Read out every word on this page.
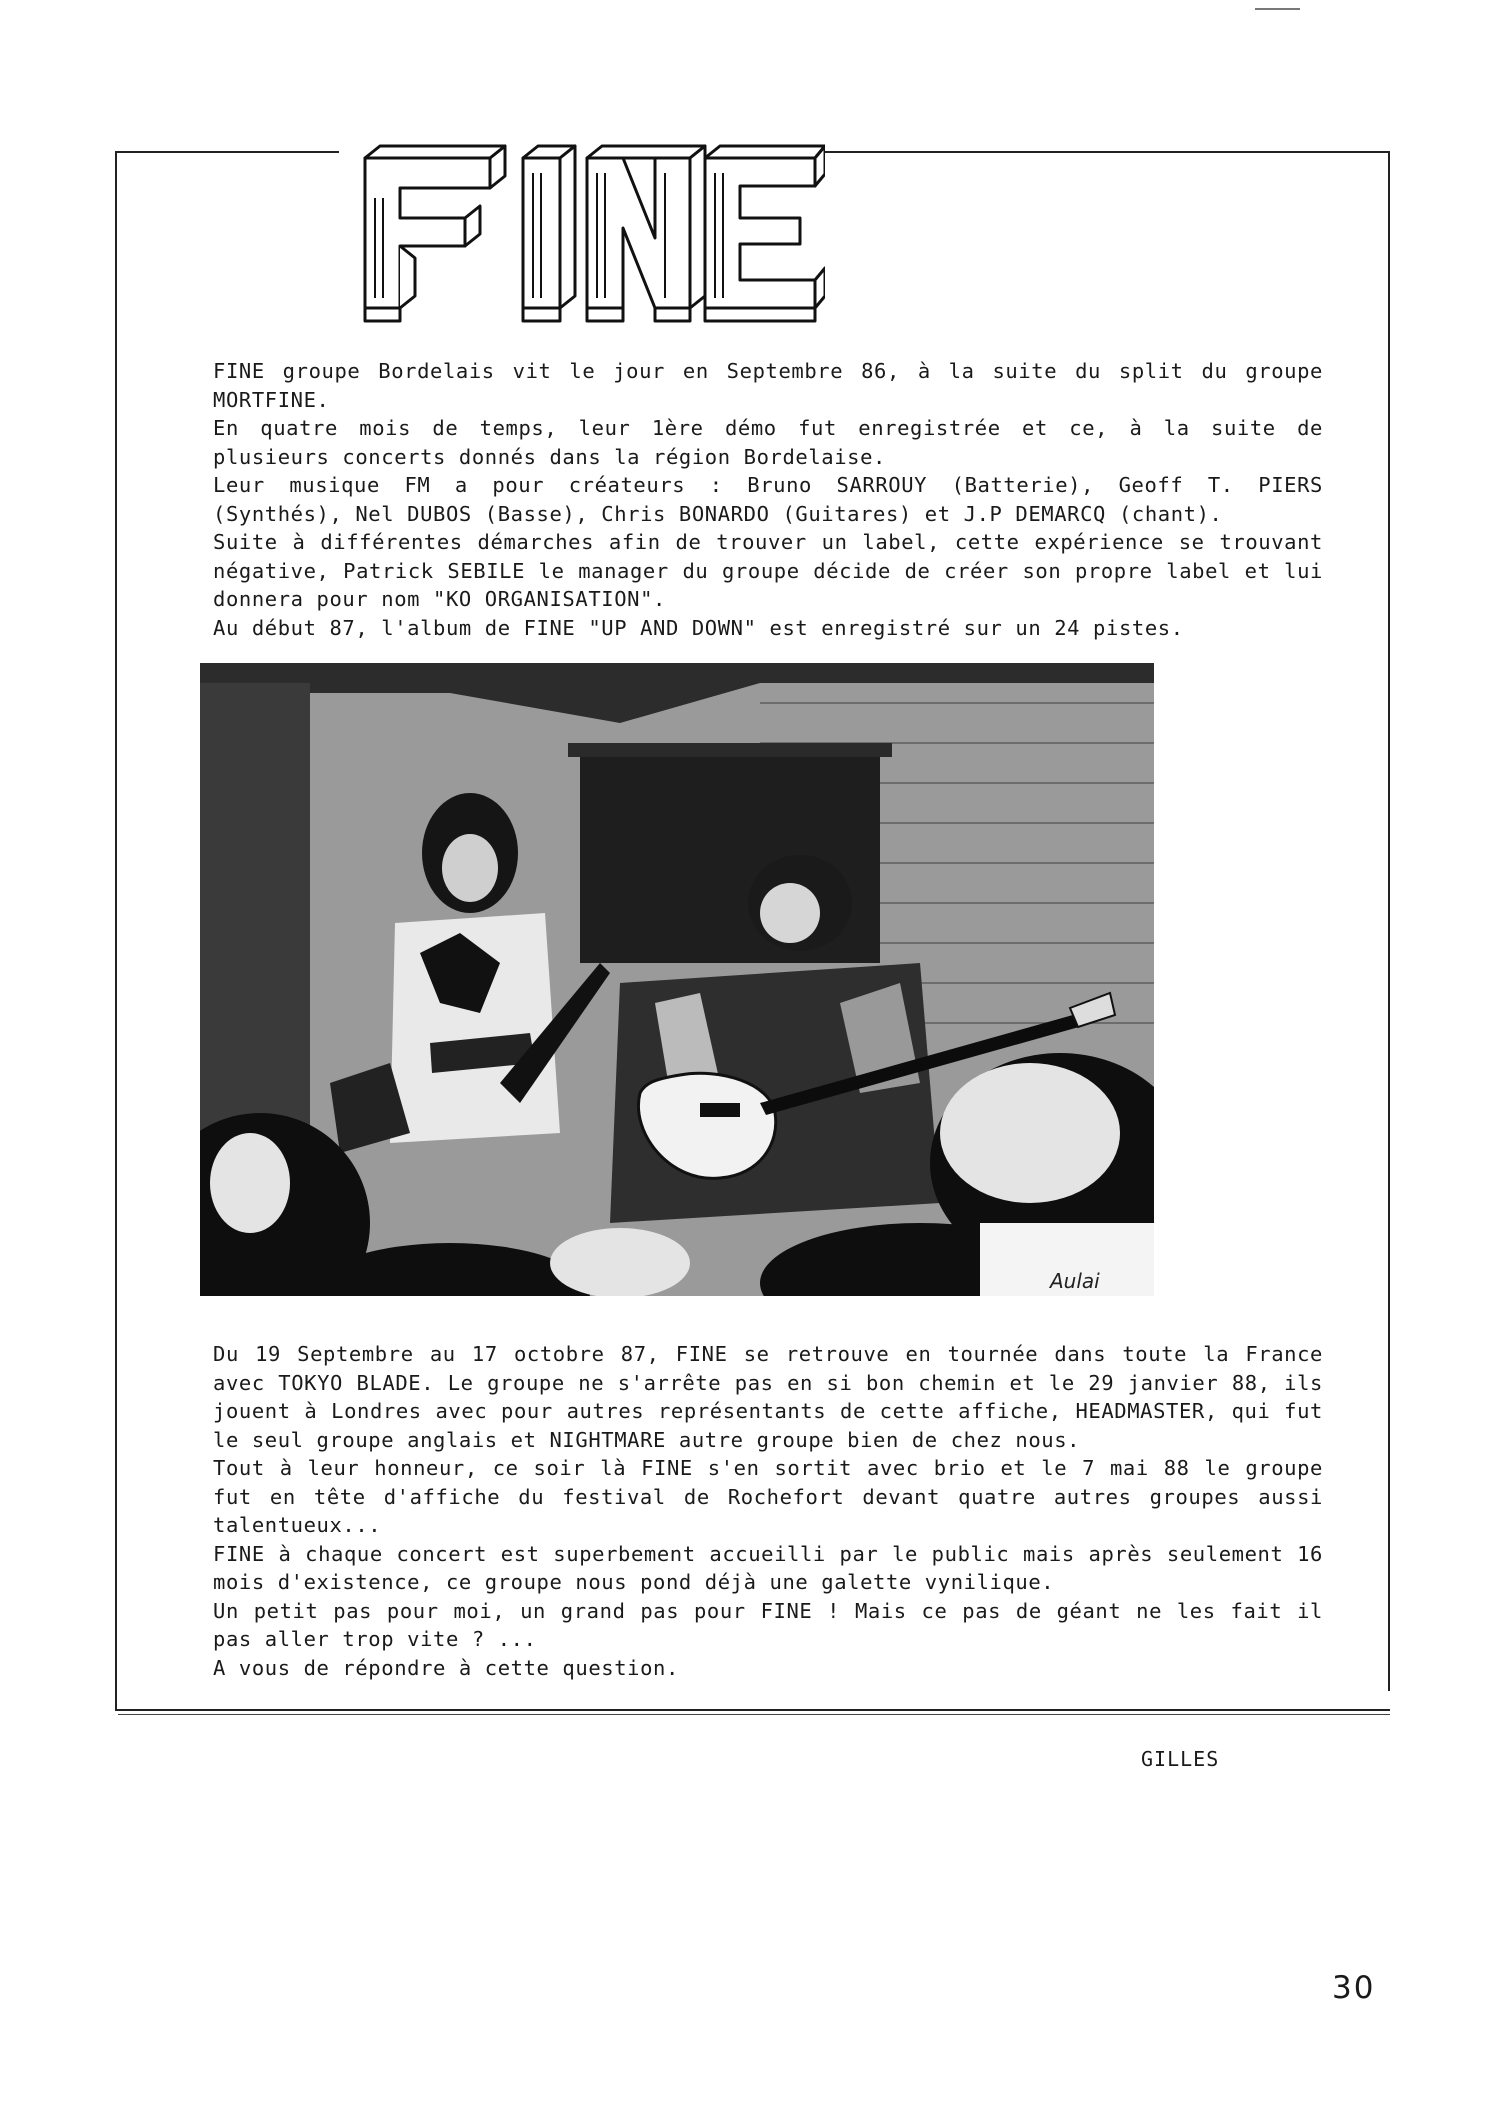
FINE groupe Bordelais vit le jour en Septembre 86, à la suite du split du groupe MORTFINE.

En quatre mois de temps, leur 1ère démo fut enregistrée et ce, à la suite de plusieurs concerts donnés dans la région Bordelaise.

Leur musique FM a pour créateurs : Bruno SARROUY (Batterie), Geoff T. PIERS (Synthés), Nel DUBOS (Basse), Chris BONARDO (Guitares) et J.P DEMARCQ (chant).

Suite à différentes démarches afin de trouver un label, cette expérience se trouvant négative, Patrick SEBILE le manager du groupe décide de créer son propre label et lui donnera pour nom "KO ORGANISATION".

Au début 87, l'album de FINE "UP AND DOWN" est enregistré sur un 24 pistes.

Aulai

Du 19 Septembre au 17 octobre 87, FINE se retrouve en tournée dans toute la France avec TOKYO BLADE. Le groupe ne s'arrête pas en si bon chemin et le 29 janvier 88, ils jouent à Londres avec pour autres représentants de cette affiche, HEADMASTER, qui fut le seul groupe anglais et NIGHTMARE autre groupe bien de chez nous.

Tout à leur honneur, ce soir là FINE s'en sortit avec brio et le 7 mai 88 le groupe fut en tête d'affiche du festival de Rochefort devant quatre autres groupes aussi talentueux...

FINE à chaque concert est superbement accueilli par le public mais après seulement 16 mois d'existence, ce groupe nous pond déjà une galette vynilique.

Un petit pas pour moi, un grand pas pour FINE ! Mais ce pas de géant ne les fait il pas aller trop vite ? ...

A vous de répondre à cette question.

GILLES
30
